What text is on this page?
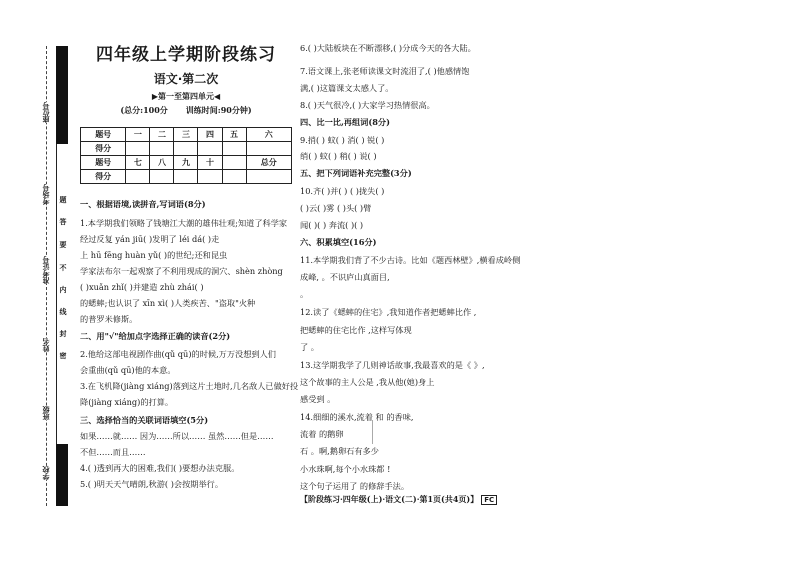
座位号
考场号
准考证号
姓名
班级
学校
题
答
要
不
内
线
封
密
四年级上学期阶段练习
语文·第二次
▶第一至第四单元◀
(总分:100分 训练时间:90分钟)
题号	一	二	三	四	五	六
得分						
题号	七	八	九	十		总分
得分						
一、根据语境,读拼音,写词语(8分)
1.本学期我们领略了钱塘江大潮的雄伟壮观;知道了科学家
经过反复 yán jiū( )发明了 léi dá( )走
上 hū fēng huàn yǔ( )的世纪;还和昆虫
学家法布尔一起观察了不利用现成的洞穴、shèn zhòng
( )xuǎn zhǐ( )并建造 zhù zhái( )
的蟋蟀;也认识了 xīn xì( )人类疾苦、"盗取"火种
的普罗米修斯。
二、用"√"给加点字选择正确的读音(2分)
2.他给这部电视剧作曲(qǔ qū)的时候,万万没想到人们
会重曲(qǔ qū)他的本意。
3.在飞机降(jiàng xiáng)落到这片土地时,几名敌人已做好投
降(jiàng xiáng)的打算。
三、选择恰当的关联词语填空(5分)
如果……就…… 因为……所以…… 虽然……但是……
不但……而且……
4.( )透到再大的困难,我们( )要想办法克服。
5.( )明天天气晴朗,秋游( )会按期举行。
6.( )大陆板块在不断漂移,( )分成今天的各大陆。
7.语文课上,张老师读课文时流泪了,( )他感情饱
满,( )这篇课文太感人了。
8.( )天气很冷,( )大家学习热情很高。
四、比一比,再组词(8分)
9.捎( ) 蚊( ) 消( ) 锐( )
绡( ) 蚊( ) 稍( ) 说( )
五、把下列词语补充完整(3分)
10.齐( )并( ) ( )拢失( )
( )云( )雾 ( )头( )臂
闻( )( ) 奔流( )( )
六、积累填空(16分)
11.本学期我们背了不少古诗。比如《题西林壁》,横看成岭侧
成峰, 。不识庐山真面目,
。
12.读了《蟋蟀的住宅》,我知道作者把蟋蟀比作 ,
把蟋蟀的住宅比作 ,这样写体现
了 。
13.这学期我学了几则神话故事,我最喜欢的是《 》,
这个故事的主人公是 ,我从他(她)身上
感受到 。
14.细细的溪水,流着 和 的香味,
流着 的鹅卵
石 。啊,鹅卵石有多少
小水珠啊,每个小水珠都 !
这个句子运用了 的修辞手法。
【阶段练习·四年级(上)·语文(二)·第1页(共4页)】 FC
